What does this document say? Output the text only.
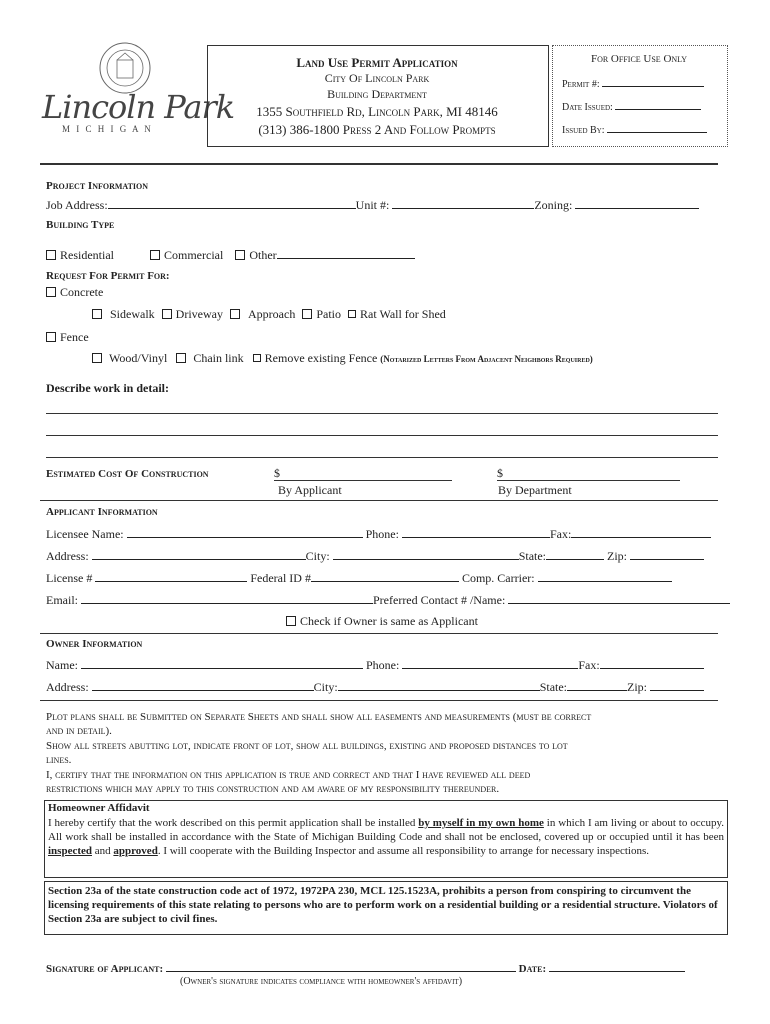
Lincoln Park
M I C H I G A N
Land Use Permit Application
City Of Lincoln Park
Building Department
1355 Southfield Rd, Lincoln Park, MI 48146
(313) 386-1800 Press 2 And Follow Prompts
For Office Use Only
Permit #:
Date Issued:
Issued By:
Project Information
Job Address:	Unit #:	Zoning:
Building Type
Residential	Commercial Other
Request For Permit For:
Concrete
Sidewalk Driveway Approach Patio Rat Wall for Shed
Fence
Wood/Vinyl Chain link Remove existing Fence (Notarized Letters From Adjacent Neighbors Required)
Describe work in detail:
Estimated Cost Of Construction	$
By Applicant
$
By Department
Applicant Information
Licensee Name:	Phone:	Fax:
Address:	City:	State:	Zip:
License #	Federal ID #	Comp. Carrier:
Email:	Preferred Contact # /Name:
Check if Owner is same as Applicant
Owner Information
Name:	Phone:	Fax:
Address:	City:	State:	Zip:
Plot plans shall be Submitted on Separate Sheets and shall show all easements and measurements (must be correct
and in detail).
Show all streets abutting lot, indicate front of lot, show all buildings, existing and proposed distances to lot
lines.
I, certify that the information on this application is true and correct and that I have reviewed all deed
restrictions which may apply to this construction and am aware of my responsibility thereunder.
Homeowner Affidavit
I hereby certify that the work described on this permit application shall be installed by myself in my own home in which I am living or about to occupy. All work shall be installed in accordance with the State of Michigan Building Code and shall not be enclosed, covered up or occupied until it has been inspected and approved. I will cooperate with the Building Inspector and assume all responsibility to arrange for necessary inspections.
Section 23a of the state construction code act of 1972, 1972PA 230, MCL 125.1523A, prohibits a person from conspiring to circumvent the licensing requirements of this state relating to persons who are to perform work on a residential building or a residential structure. Violators of Section 23a are subject to civil fines.
Signature of Applicant:	Date:
(Owner's signature indicates compliance with homeowner's affidavit)
